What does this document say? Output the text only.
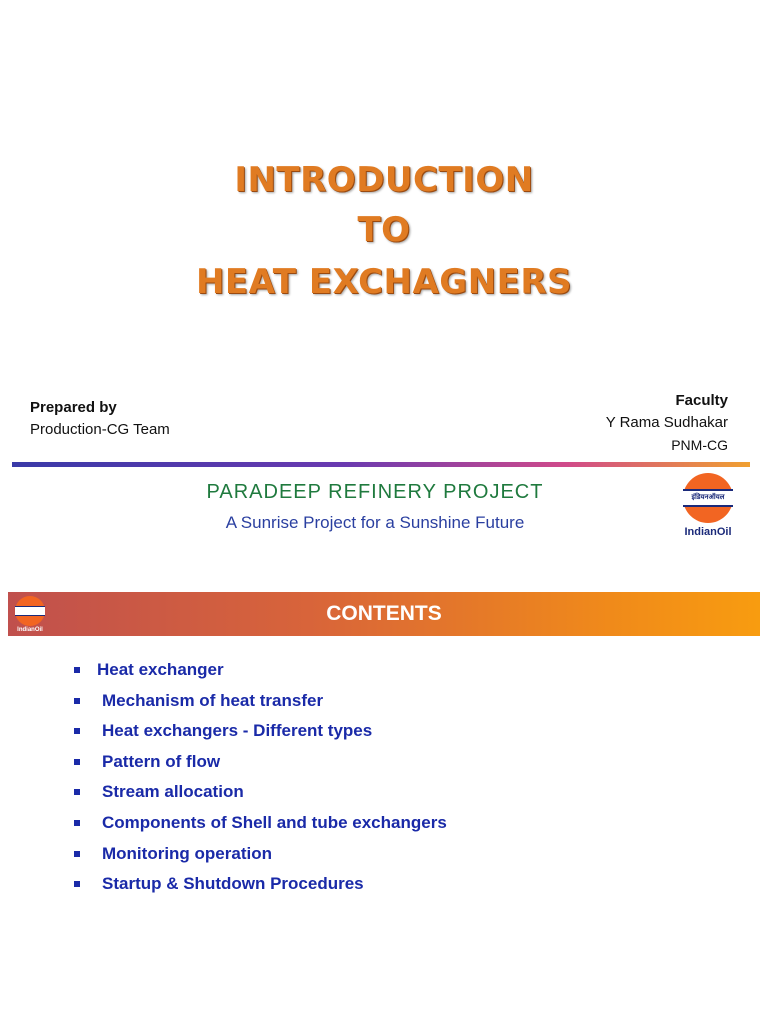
INTRODUCTION
TO
HEAT EXCHAGNERS
Prepared by
Production-CG Team
Faculty
Y Rama Sudhakar
PNM-CG
PARADEEP REFINERY PROJECT
A Sunrise Project for a Sunshine Future
इंडियनऑयल
IndianOil
CONTENTS
IndianOil
Heat exchanger
Mechanism of heat transfer
Heat exchangers - Different types
Pattern of flow
Stream allocation
Components of Shell and tube exchangers
Monitoring operation
Startup & Shutdown Procedures
